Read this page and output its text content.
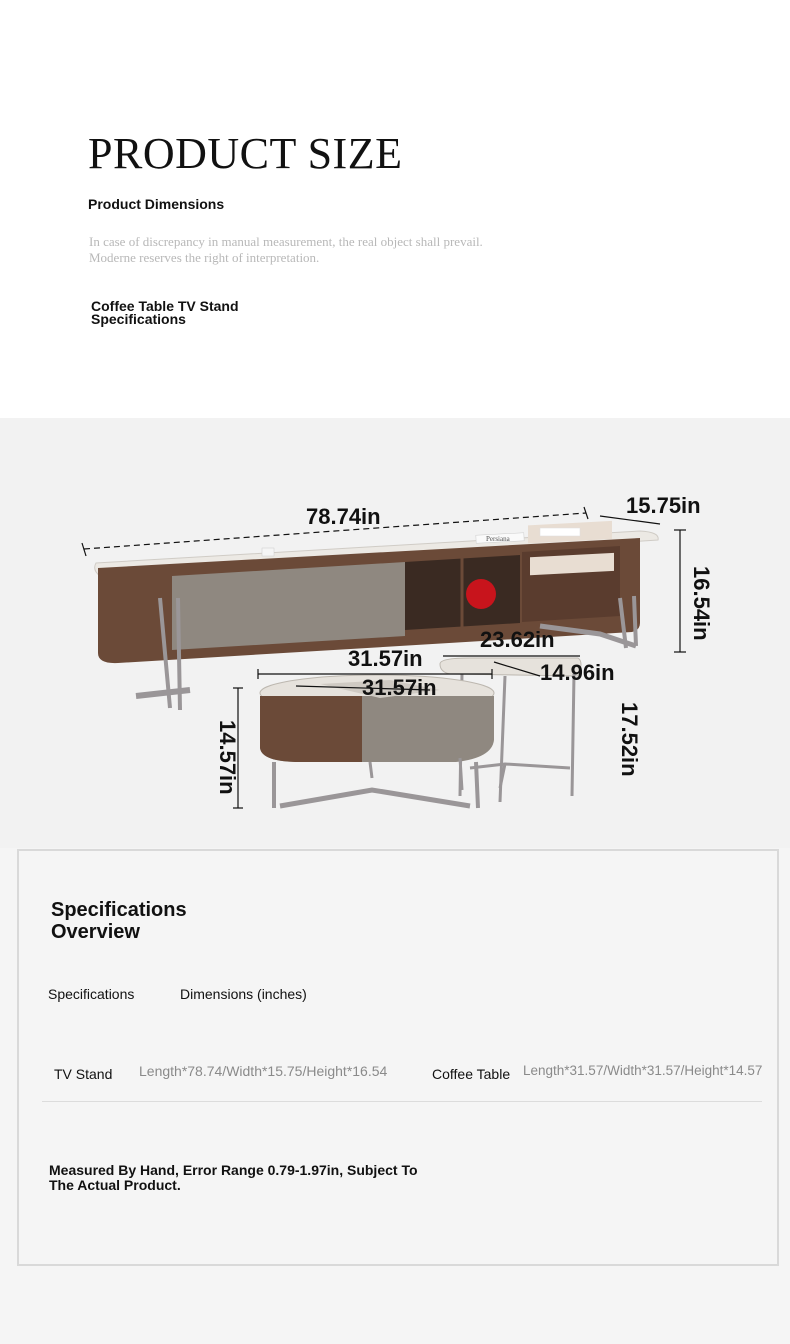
PRODUCT SIZE
Product Dimensions
In case of discrepancy in manual measurement, the real object shall prevail.
Moderne reserves the right of interpretation.
Coffee Table TV Stand
Specifications
Persiana
78.74in	15.75in
16.54in
31.57in
31.57in
14.57in
23.62in
14.96in
17.52in
Specifications
Overview
Specifications	Dimensions (inches)
TV Stand Length*78.74/Width*15.75/Height*16.54	Coffee Table Length*31.57/Width*31.57/Height*14.57
Measured By Hand, Error Range 0.79-1.97in, Subject To
The Actual Product.
